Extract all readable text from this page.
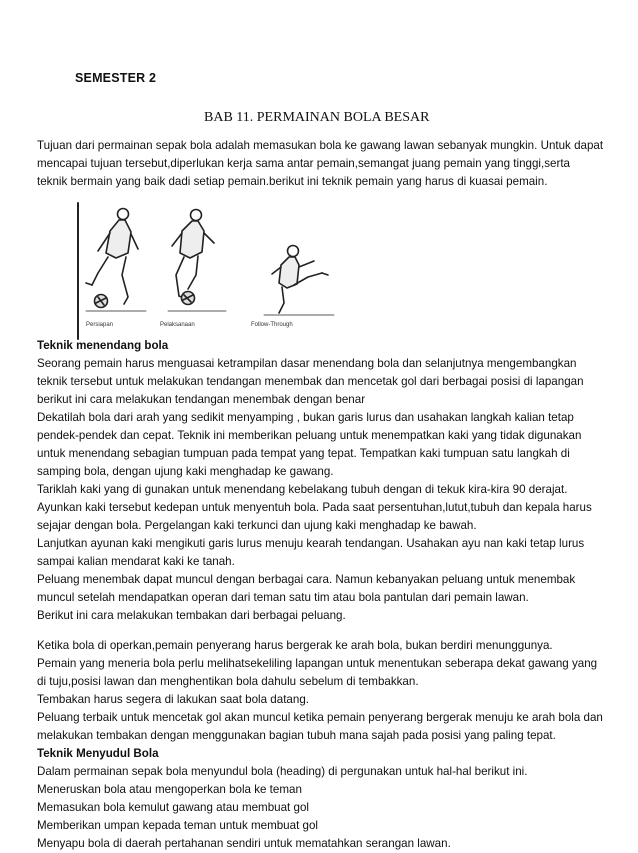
SEMESTER 2
BAB 11. PERMAINAN BOLA BESAR
Tujuan dari permainan sepak bola adalah memasukan bola ke gawang lawan sebanyak mungkin. Untuk dapat
mencapai tujuan tersebut,diperlukan kerja sama antar pemain,semangat juang pemain yang tinggi,serta
teknik bermain yang baik dadi setiap pemain.berikut ini teknik pemain yang harus di kuasai pemain.
Persiapan	Pelaksanaan	Follow-Through
Teknik menendang bola
Seorang pemain harus menguasai ketrampilan dasar menendang bola dan selanjutnya mengembangkan
teknik tersebut untuk melakukan tendangan menembak dan mencetak gol dari berbagai posisi di lapangan
berikut ini cara melakukan tendangan menembak dengan benar
Dekatilah bola dari arah yang sedikit menyamping , bukan garis lurus dan usahakan langkah kalian tetap
pendek-pendek dan cepat. Teknik ini memberikan peluang untuk menempatkan kaki yang tidak digunakan
untuk menendang sebagian tumpuan pada tempat yang tepat. Tempatkan kaki tumpuan satu langkah di
samping bola, dengan ujung kaki menghadap ke gawang.
Tariklah kaki yang di gunakan untuk menendang kebelakang tubuh dengan di tekuk kira-kira 90 derajat.
Ayunkan kaki tersebut kedepan untuk menyentuh bola. Pada saat persentuhan,lutut,tubuh dan kepala harus
sejajar dengan bola. Pergelangan kaki terkunci dan ujung kaki menghadap ke bawah.
Lanjutkan ayunan kaki mengikuti garis lurus menuju kearah tendangan. Usahakan ayu nan kaki tetap lurus
sampai kalian mendarat kaki ke tanah.
Peluang menembak dapat muncul dengan berbagai cara. Namun kebanyakan peluang untuk menembak
muncul setelah mendapatkan operan dari teman satu tim atau bola pantulan dari pemain lawan.
Berikut ini cara melakukan tembakan dari berbagai peluang.
Ketika bola di operkan,pemain penyerang harus bergerak ke arah bola, bukan berdiri menunggunya.
Pemain yang meneria bola perlu melihatsekeliling lapangan untuk menentukan seberapa dekat gawang yang
di tuju,posisi lawan dan menghentikan bola dahulu sebelum di tembakkan.
Tembakan harus segera di lakukan saat bola datang.
Peluang terbaik untuk mencetak gol akan muncul ketika pemain penyerang bergerak menuju ke arah bola dan
melakukan tembakan dengan menggunakan bagian tubuh mana sajah pada posisi yang paling tepat.
Teknik Menyudul Bola
Dalam permainan sepak bola menyundul bola (heading) di pergunakan untuk hal-hal berikut ini.
Meneruskan bola atau mengoperkan bola ke teman
Memasukan bola kemulut gawang atau membuat gol
Memberikan umpan kepada teman untuk membuat gol
Menyapu bola di daerah pertahanan sendiri untuk mematahkan serangan lawan.
